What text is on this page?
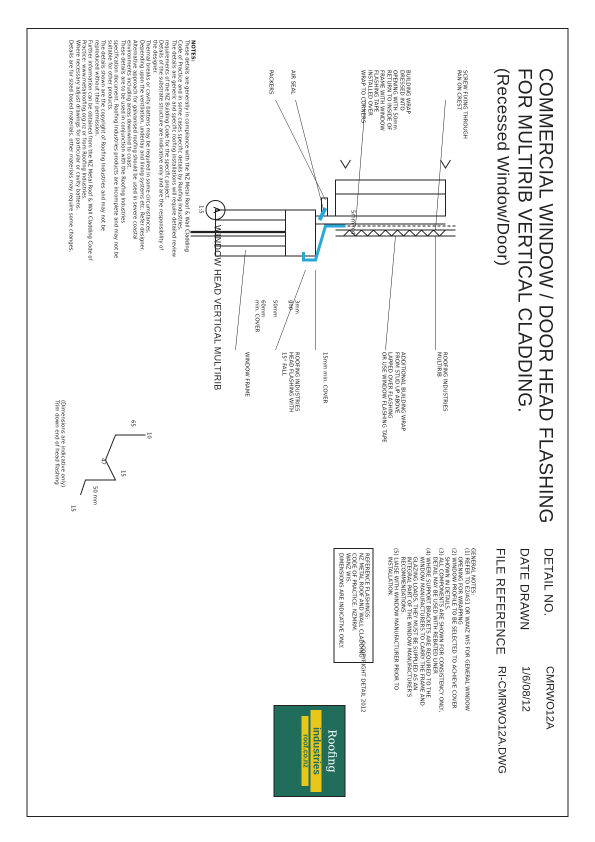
COMMERCIAL WINDOW / DOOR HEAD FLASHING
FOR MULTIRIB VERTICAL CLADDING.
(Recessed Window/Door)
DETAIL NO.
CMRWO12A
DATE DRAWN
1/6/08/12
FILE REFERENCE
RI-CMRWO12A.DWG
NOTES:
These details are generally in compliance with the NZ Metal Roof & Wall Cladding
Code of Practice and in some cases specific details by Roofing Industries.
The details are generic and specific roofing installations will require detailed review
requirements of the NZ Building Code for the specific project.
Details of the substrate structure are indicative only and are the responsibility of
the designer.
Thermal breaks or cavity battens may be required in some circumstances.
Depending upon the ventilation, underlay and lining systems etc. Refer designer.
Alternative approach for galvanised roofing should be used in severe coastal
environments including areas downwind to coast.
These details are to be used in conjunction with the Roofing Industries
specification document. Roofing Industries products are incomplete and may not be
suitable for other products.
The details shown are the copyright of Roofing Industries and may not be
reproduced without their permission.
Further information can be obtained from the NZ Metal Roof & Wall Cladding Code of
Practice: www.metalroofing.org.nz or from Roofing Industries.
Where necessary adjust drawings for particular or cavity battens.
Details are for sized based materials, other materials may require some changes.
SCREW FIXING THROUGH
PAN ON CREST
BUILDING WRAP
DRESSED INTO
OPENING WITH 50mm
RETURN TO INSIDE OF
FRAME WITH WINDOW
FLASHING TAPE
INSTALLED OVER
WRAP TO CORNERS
AIR SEAL
PACKERS
ROOFING INDUSTRIES
MULTIRIB
ADDITIONAL BUILDING WRAP
FROM STUD UP ABOVE
LAPPED OVER FLASHING
OR USE WINDOW FLASHING TAPE
15mm min. COVER
ROOFING INDUSTRIES
HEAD FLASHING WITH
15° FALL
WINDOW FRAME
5mm rod
50mm
60mm
min. COVER
3mm
gap
A
WINDOW HEAD VERTICAL MULTIRIB
1:5
10
65
15
47
50 mm
15
(Dimensions are indicative only)
Trim down end of head flashing
GENERAL NOTES:
(1) REFER TO E2/AS1 OR WANZ WIS FOR GENERAL WINDOW
OPENING FOR WRAPPING
(2) WINDOW PROFILE TO BE SELECTED TO ACHIEVE COVER
SHOWN IN DETAILS.
(3) ALL COMPONENTS ARE SHOWN FOR CONSISTENCY ONLY,
DETAIL MAY BE USED WITH REBATED LINER
(4) WHERE SUPPORT BRACKETS ARE REQUIRED TO THE
WINDOW MANUFACTURERS TO CARRY THE FRAME AND
GLAZING LOADS, THEY MUST BE SUPPLIED AS AN
INTEGRAL PART OF THE WINDOW MANUFACTURER'S
RECOMMENDATIONS.
(5) LIAISE WITH WINDOW MANUFACTURER PRIOR TO
INSTALLATION.
REFERENCE FLASHINGS:
NZ METAL ROOF AND WALL CLADDING
CODE OF PRACTICE. NZMRM.
WANZ WIS.
DIMENSIONS ARE INDICATIVE ONLY.	©COPYRIGHT DETAIL 2012
Roofing
industries
roof.co.nz
